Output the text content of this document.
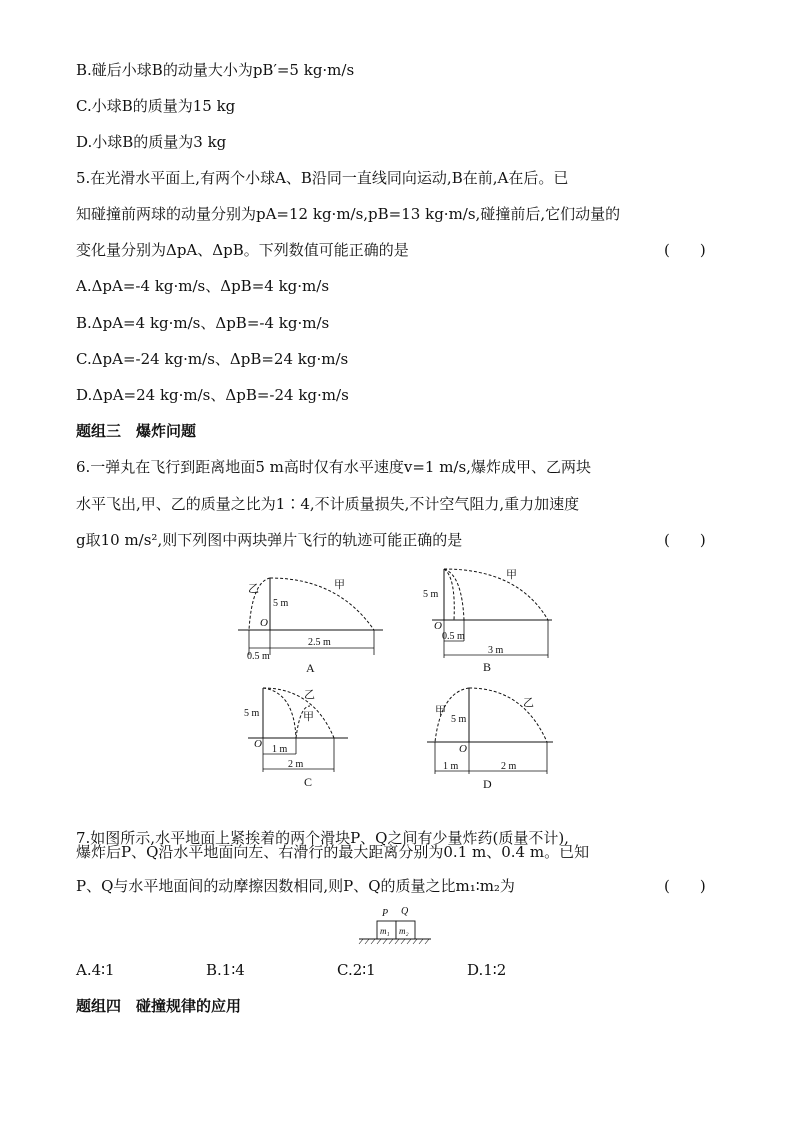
B.碰后小球B的动量大小为pB′=5 kg·m/s
C.小球B的质量为15 kg
D.小球B的质量为3 kg
5.在光滑水平面上,有两个小球A、B沿同一直线同向运动,B在前,A在后。已
知碰撞前两球的动量分别为pA=12 kg·m/s,pB=13 kg·m/s,碰撞前后,它们动量的
变化量分别为ΔpA、ΔpB。下列数值可能正确的是	(　　)
A.ΔpA=-4 kg·m/s、ΔpB=4 kg·m/s
B.ΔpA=4 kg·m/s、ΔpB=-4 kg·m/s
C.ΔpA=-24 kg·m/s、ΔpB=24 kg·m/s
D.ΔpA=24 kg·m/s、ΔpB=-24 kg·m/s
题组三　爆炸问题
6.一弹丸在飞行到距离地面5 m高时仅有水平速度v=1 m/s,爆炸成甲、乙两块
水平飞出,甲、乙的质量之比为1∶4,不计质量损失,不计空气阻力,重力加速度
g取10 m/s²,则下列图中两块弹片飞行的轨迹可能正确的是	(　　)
乙	甲
5 m
O
0.5 m
2.5 m
A
5 m
甲
O
0.5 m
3 m
B
甲
乙
5 m
O 1 m
2 m
C
甲
乙
5 m
O
1 m	2 m
D
7.如图所示,水平地面上紧挨着的两个滑块P、Q之间有少量炸药(质量不计),
爆炸后P、Q沿水平地面向左、右滑行的最大距离分别为0.1 m、0.4 m。已知
P、Q与水平地面间的动摩擦因数相同,则P、Q的质量之比m₁∶m₂为	(　　)
P Q
m₁ m₂
A.4∶1	B.1∶4	C.2∶1	D.1∶2
题组四　碰撞规律的应用
